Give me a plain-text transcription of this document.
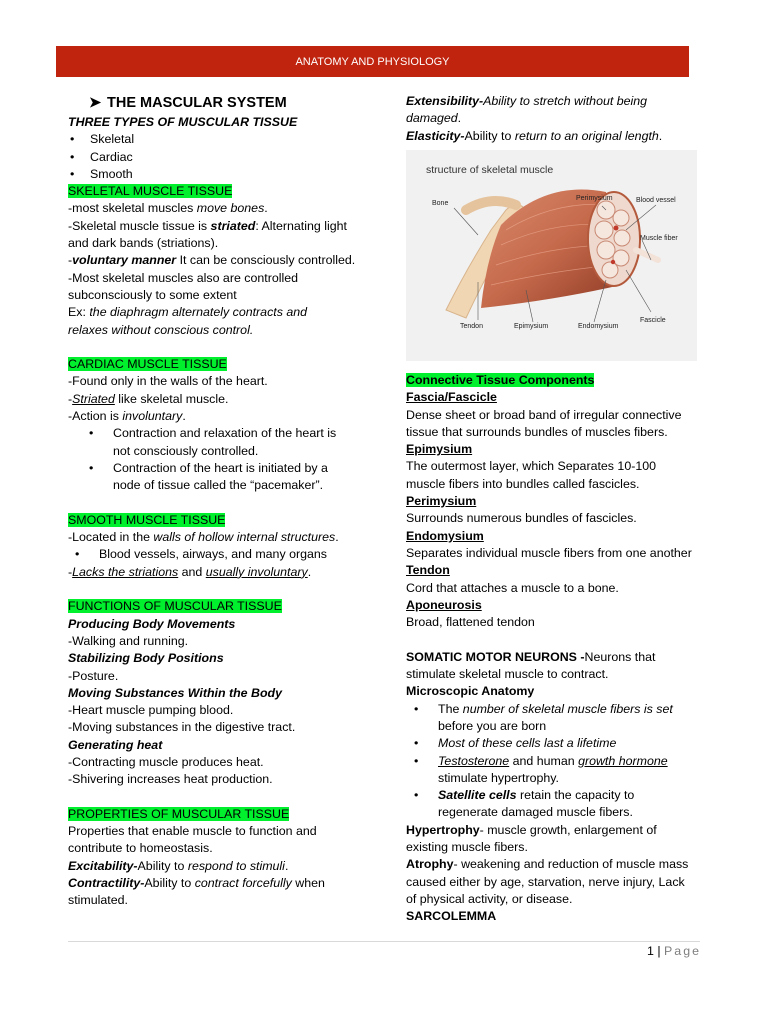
ANATOMY AND PHYSIOLOGY
➤ THE MASCULAR SYSTEM
THREE TYPES OF MUSCULAR TISSUE
• Skeletal
• Cardiac
• Smooth
SKELETAL MUSCLE TISSUE
-most skeletal muscles move bones.
-Skeletal muscle tissue is striated: Alternating light
and dark bands (striations).
-voluntary manner It can be consciously controlled.
-Most skeletal muscles also are controlled
subconsciously to some extent
Ex: the diaphragm alternately contracts and
relaxes without conscious control.
CARDIAC MUSCLE TISSUE
-Found only in the walls of the heart.
-Striated like skeletal muscle.
-Action is involuntary.
• Contraction and relaxation of the heart is
not consciously controlled.
• Contraction of the heart is initiated by a
node of tissue called the “pacemaker”.
SMOOTH MUSCLE TISSUE
-Located in the walls of hollow internal structures.
• Blood vessels, airways, and many organs
-Lacks the striations and usually involuntary.
FUNCTIONS OF MUSCULAR TISSUE
Producing Body Movements
-Walking and running.
Stabilizing Body Positions
-Posture.
Moving Substances Within the Body
-Heart muscle pumping blood.
-Moving substances in the digestive tract.
Generating heat
-Contracting muscle produces heat.
-Shivering increases heat production.
PROPERTIES OF MUSCULAR TISSUE
Properties that enable muscle to function and
contribute to homeostasis.
Excitability-Ability to respond to stimuli.
Contractility-Ability to contract forcefully when
stimulated.
Extensibility-Ability to stretch without being
damaged.
Elasticity-Ability to return to an original length.
structure of skeletal muscle
Bone
Perimysium	Blood vessel
Muscle fiber
Fascicle
Tendon	Epimysium	Endomysium
Connective Tissue Components
Fascia/Fascicle
Dense sheet or broad band of irregular connective
tissue that surrounds bundles of muscles fibers.
Epimysium
The outermost layer, which Separates 10-100
muscle fibers into bundles called fascicles.
Perimysium
Surrounds numerous bundles of fascicles.
Endomysium
Separates individual muscle fibers from one another
Tendon
Cord that attaches a muscle to a bone.
Aponeurosis
Broad, flattened tendon
SOMATIC MOTOR NEURONS -Neurons that
stimulate skeletal muscle to contract.
Microscopic Anatomy
• The number of skeletal muscle fibers is set
before you are born
• Most of these cells last a lifetime
• Testosterone and human growth hormone
stimulate hypertrophy.
• Satellite cells retain the capacity to
regenerate damaged muscle fibers.
Hypertrophy- muscle growth, enlargement of
existing muscle fibers.
Atrophy- weakening and reduction of muscle mass
caused either by age, starvation, nerve injury, Lack
of physical activity, or disease.
SARCOLEMMA
1 | Page
